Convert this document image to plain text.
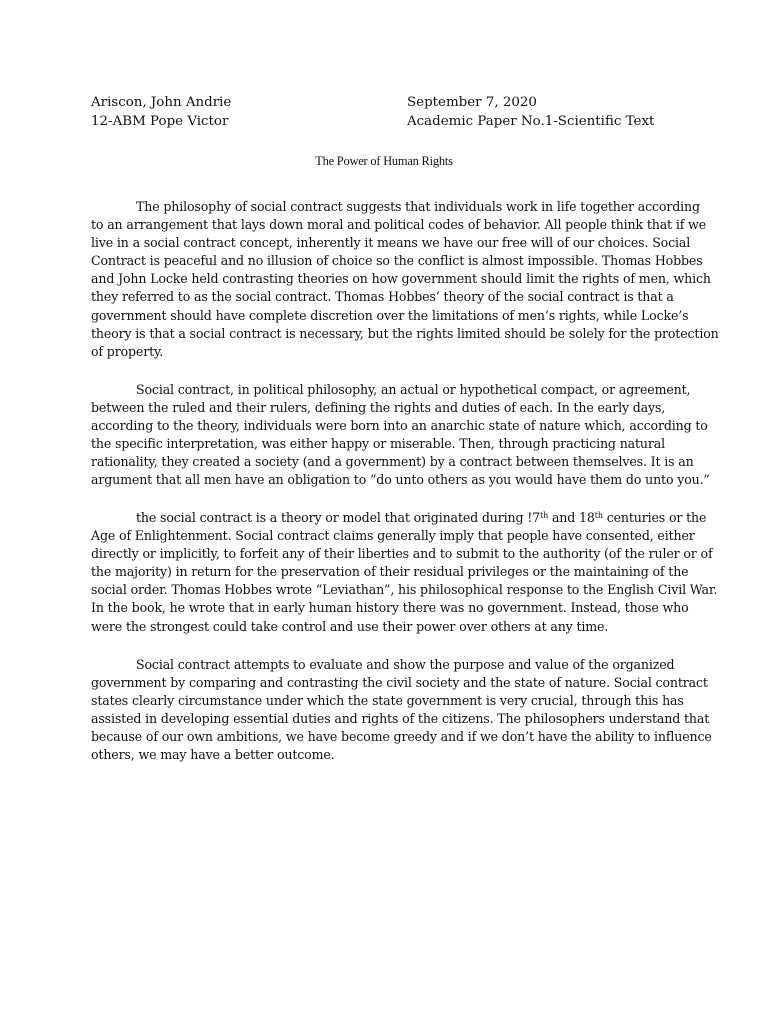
Ariscon, John Andrie
12-ABM Pope Victor
September 7, 2020
Academic Paper No.1-Scientific Text
The Power of Human Rights
The philosophy of social contract suggests that individuals work in life together according
to an arrangement that lays down moral and political codes of behavior. All people think that if we
live in a social contract concept, inherently it means we have our free will of our choices. Social
Contract is peaceful and no illusion of choice so the conflict is almost impossible. Thomas Hobbes
and John Locke held contrasting theories on how government should limit the rights of men, which
they referred to as the social contract. Thomas Hobbes’ theory of the social contract is that a
government should have complete discretion over the limitations of men’s rights, while Locke’s
theory is that a social contract is necessary, but the rights limited should be solely for the protection
of property.
Social contract, in political philosophy, an actual or hypothetical compact, or agreement,
between the ruled and their rulers, defining the rights and duties of each. In the early days,
according to the theory, individuals were born into an anarchic state of nature which, according to
the specific interpretation, was either happy or miserable. Then, through practicing natural
rationality, they created a society (and a government) by a contract between themselves. It is an
argument that all men have an obligation to “do unto others as you would have them do unto you.”
the social contract is a theory or model that originated during !7th and 18th centuries or the
Age of Enlightenment. Social contract claims generally imply that people have consented, either
directly or implicitly, to forfeit any of their liberties and to submit to the authority (of the ruler or of
the majority) in return for the preservation of their residual privileges or the maintaining of the
social order. Thomas Hobbes wrote “Leviathan”, his philosophical response to the English Civil War.
In the book, he wrote that in early human history there was no government. Instead, those who
were the strongest could take control and use their power over others at any time.
Social contract attempts to evaluate and show the purpose and value of the organized
government by comparing and contrasting the civil society and the state of nature. Social contract
states clearly circumstance under which the state government is very crucial, through this has
assisted in developing essential duties and rights of the citizens. The philosophers understand that
because of our own ambitions, we have become greedy and if we don’t have the ability to influence
others, we may have a better outcome.
